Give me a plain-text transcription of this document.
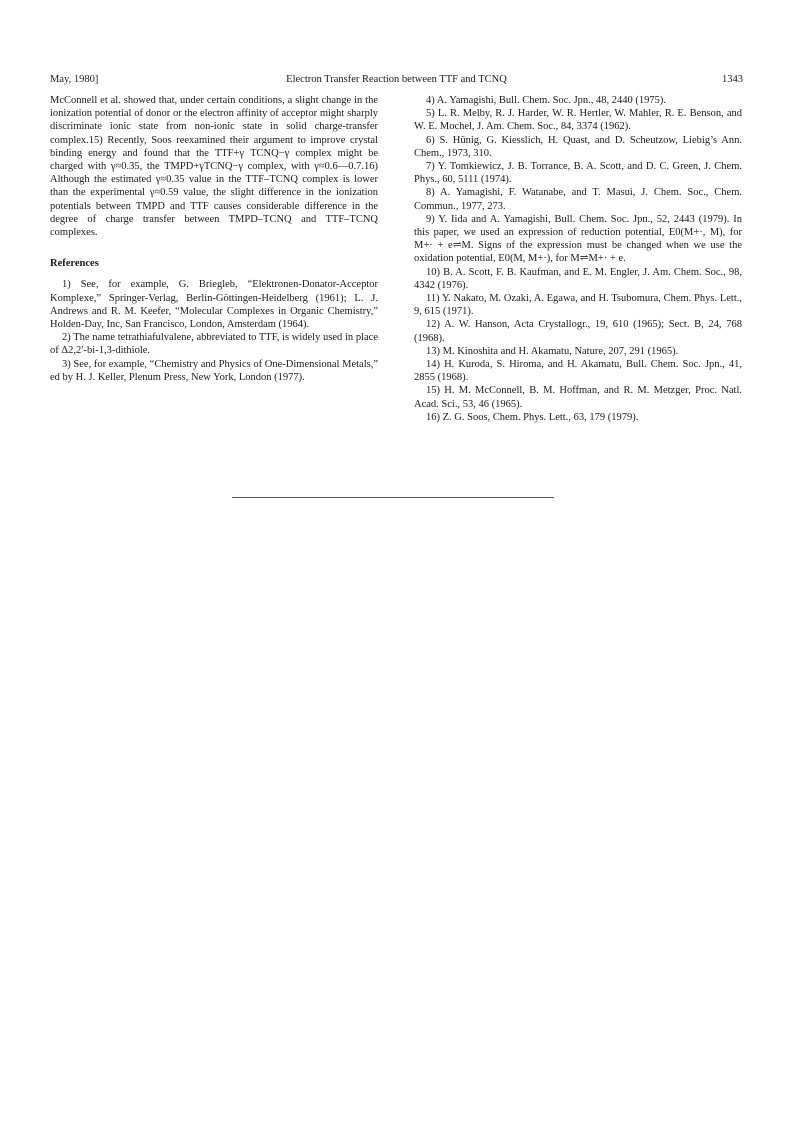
May, 1980]	Electron Transfer Reaction between TTF and TCNQ	1343

McConnell et al. showed that, under certain conditions, a slight change in the ionization potential of donor or the electron affinity of acceptor might sharply discriminate ionic state from non-ionic state in solid charge-transfer complex.15) Recently, Soos reexamined their argument to improve crystal binding energy and found that the TTF+γ TCNQ−γ complex might be charged with γ≈0.35, the TMPD+γTCNQ−γ complex, with γ≈0.6—0.7.16) Although the estimated γ≈0.35 value in the TTF–TCNQ complex is lower than the experimental γ≈0.59 value, the slight difference in the ionization potentials between TMPD and TTF causes considerable difference in the degree of charge transfer between TMPD–TCNQ and TTF–TCNQ complexes.

References

1) See, for example, G. Briegleb, “Elektronen-Donator-Acceptor Komplexe,” Springer-Verlag, Berlin-Göttingen-Heidelberg (1961); L. J. Andrews and R. M. Keefer, “Molecular Complexes in Organic Chemistry,” Holden-Day, Inc, San Francisco, London, Amsterdam (1964).

2) The name tetrathiafulvalene, abbreviated to TTF, is widely used in place of Δ2,2′-bi-1,3-dithiole.

3) See, for example, “Chemistry and Physics of One-Dimensional Metals,” ed by H. J. Keller, Plenum Press, New York, London (1977).

4) A. Yamagishi, Bull. Chem. Soc. Jpn., 48, 2440 (1975).

5) L. R. Melby, R. J. Harder, W. R. Hertler, W. Mahler, R. E. Benson, and W. E. Mochel, J. Am. Chem. Soc., 84, 3374 (1962).

6) S. Hünig, G. Kiesslich, H. Quast, and D. Scheutzow, Liebig’s Ann. Chem., 1973, 310.

7) Y. Tomkiewicz, J. B. Torrance, B. A. Scott, and D. C. Green, J. Chem. Phys., 60, 5111 (1974).

8) A. Yamagishi, F. Watanabe, and T. Masui, J. Chem. Soc., Chem. Commun., 1977, 273.

9) Y. Iida and A. Yamagishi, Bull. Chem. Soc. Jpn., 52, 2443 (1979). In this paper, we used an expression of reduction potential, E0(M+·, M), for M+· + e⇌M. Signs of the expression must be changed when we use the oxidation potential, E0(M, M+·), for M⇌M+· + e.

10) B. A. Scott, F. B. Kaufman, and E. M. Engler, J. Am. Chem. Soc., 98, 4342 (1976).

11) Y. Nakato, M. Ozaki, A. Egawa, and H. Tsubomura, Chem. Phys. Lett., 9, 615 (1971).

12) A. W. Hanson, Acta Crystallogr., 19, 610 (1965); Sect. B, 24, 768 (1968).

13) M. Kinoshita and H. Akamatu, Nature, 207, 291 (1965).

14) H. Kuroda, S. Hiroma, and H. Akamatu, Bull. Chem. Soc. Jpn., 41, 2855 (1968).

15) H. M. McConnell, B. M. Hoffman, and R. M. Metzger, Proc. Natl. Acad. Sci., 53, 46 (1965).

16) Z. G. Soos, Chem. Phys. Lett., 63, 179 (1979).
